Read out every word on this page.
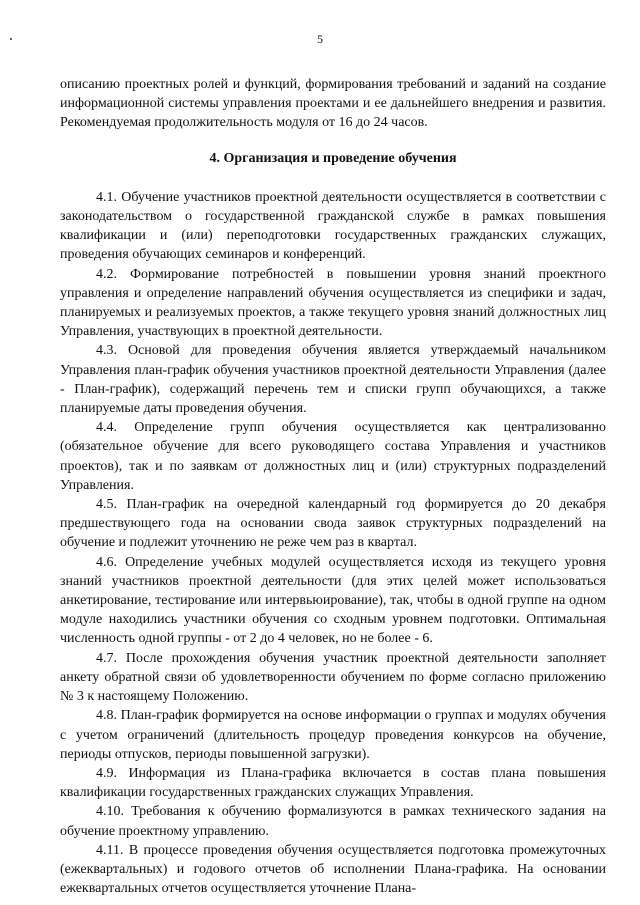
5

описанию проектных ролей и функций, формирования требований и заданий на создание информационной системы управления проектами и ее дальнейшего внедрения и развития. Рекомендуемая продолжительность модуля от 16 до 24 часов.

4. Организация и проведение обучения

4.1. Обучение участников проектной деятельности осуществляется в соответствии с законодательством о государственной гражданской службе в рамках повышения квалификации и (или) переподготовки государственных гражданских служащих, проведения обучающих семинаров и конференций.

4.2. Формирование потребностей в повышении уровня знаний проектного управления и определение направлений обучения осуществляется из специфики и задач, планируемых и реализуемых проектов, а также текущего уровня знаний должностных лиц Управления, участвующих в проектной деятельности.

4.3. Основой для проведения обучения является утверждаемый начальником Управления план-график обучения участников проектной деятельности Управления (далее - План-график), содержащий перечень тем и списки групп обучающихся, а также планируемые даты проведения обучения.

4.4. Определение групп обучения осуществляется как централизованно (обязательное обучение для всего руководящего состава Управления и участников проектов), так и по заявкам от должностных лиц и (или) структурных подразделений Управления.

4.5. План-график на очередной календарный год формируется до 20 декабря предшествующего года на основании свода заявок структурных подразделений на обучение и подлежит уточнению не реже чем раз в квартал.

4.6. Определение учебных модулей осуществляется исходя из текущего уровня знаний участников проектной деятельности (для этих целей может использоваться анкетирование, тестирование или интервьюирование), так, чтобы в одной группе на одном модуле находились участники обучения со сходным уровнем подготовки. Оптимальная численность одной группы - от 2 до 4 человек, но не более - 6.

4.7. После прохождения обучения участник проектной деятельности заполняет анкету обратной связи об удовлетворенности обучением по форме согласно приложению № 3 к настоящему Положению.

4.8. План-график формируется на основе информации о группах и модулях обучения с учетом ограничений (длительность процедур проведения конкурсов на обучение, периоды отпусков, периоды повышенной загрузки).

4.9. Информация из Плана-графика включается в состав плана повышения квалификации государственных гражданских служащих Управления.

4.10. Требования к обучению формализуются в рамках технического задания на обучение проектному управлению.

4.11. В процессе проведения обучения осуществляется подготовка промежуточных (ежеквартальных) и годового отчетов об исполнении Плана-графика. На основании ежеквартальных отчетов осуществляется уточнение Плана-
